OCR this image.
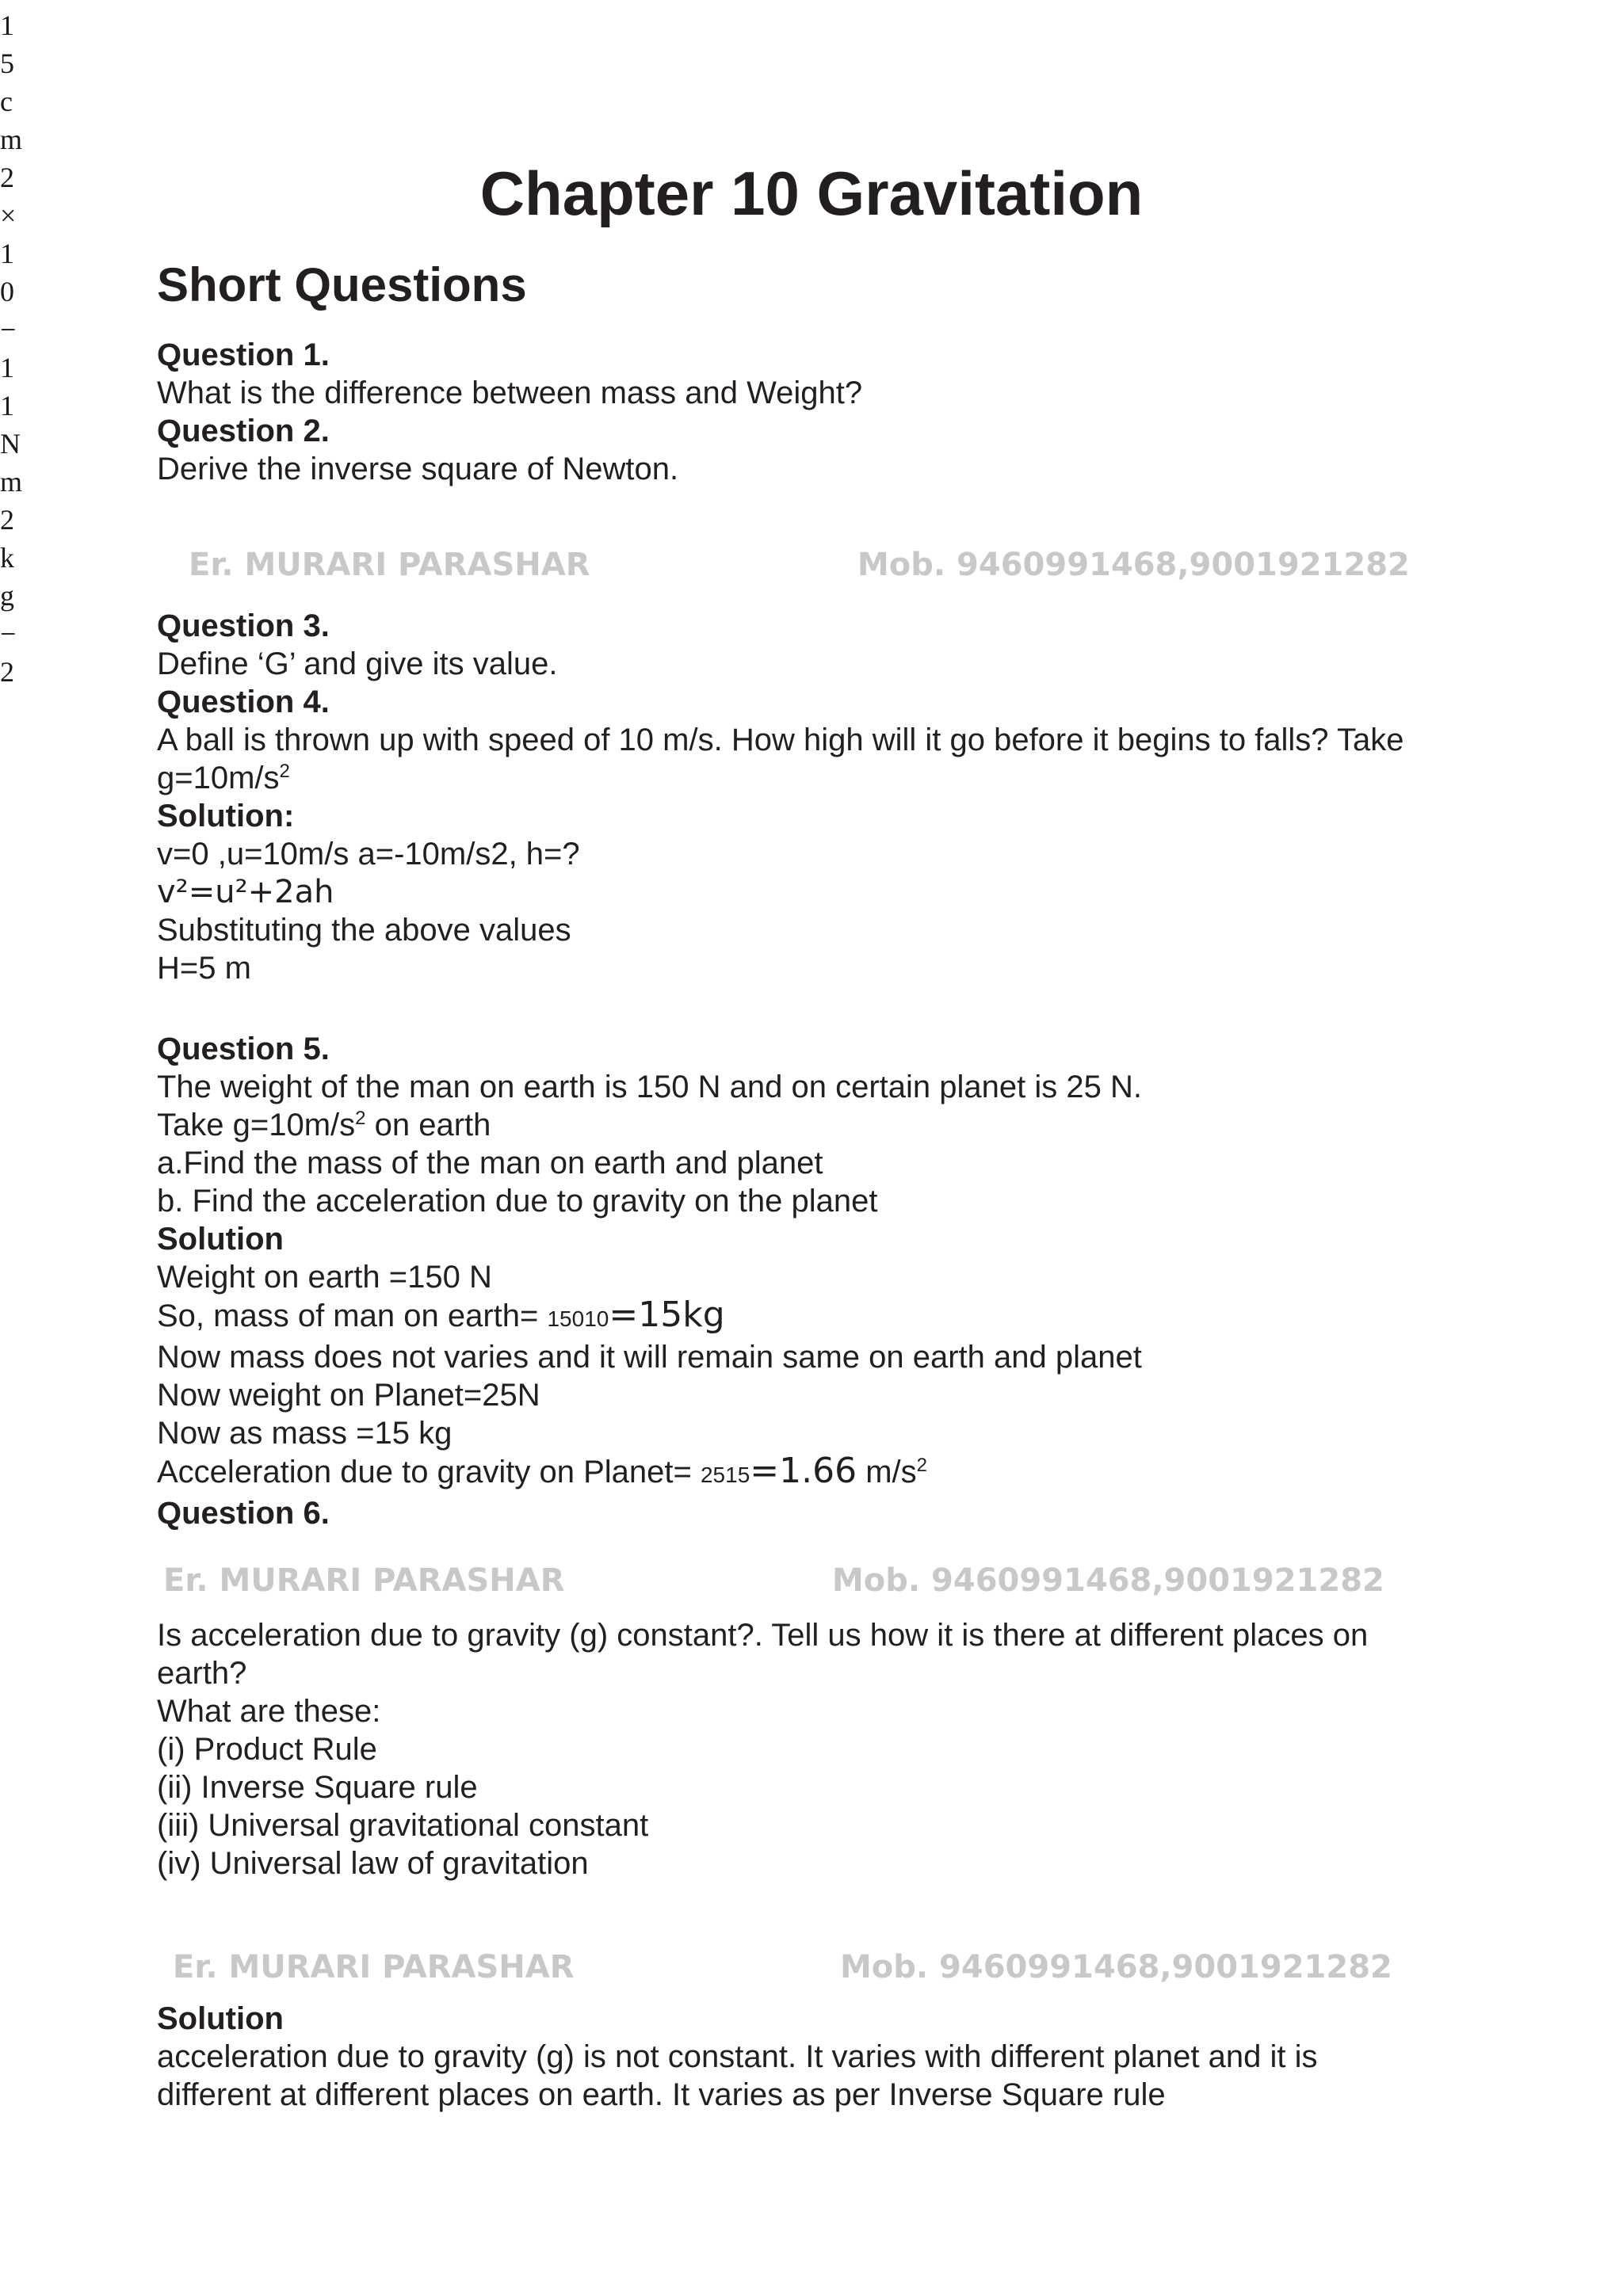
1
5
c
m
2
×
1
0
−
1
1
N
m
2
k
g
−
2
Chapter 10 Gravitation
Short Questions

Question 1.

What is the difference between mass and Weight?

Question 2.

Derive the inverse square of Newton.

Er. MURARI PARASHAR	Mob. 9460991468,9001921282

Question 3.

Define ‘G’ and give its value.

Question 4.

A ball is thrown up with speed of 10 m/s. How high will it go before it begins to falls? Take

$g=10m/s^2$

Solution:

v=0 ,u=10m/s a=-10m/s2, h=?

v²=u²+2ah

Substituting the above values

H=5 m

Question 5.

The weight of the man on earth is 150 N and on certain planet is 25 N.

Take $g=10m/s^2$ on earth

a.Find the mass of the man on earth and planet

b. Find the acceleration due to gravity on the planet

Solution

Weight on earth =150 N

So, mass of man on earth= 15010=15kg

Now mass does not varies and it will remain same on earth and planet

Now weight on Planet=25N

Now as mass =15 kg

Acceleration due to gravity on Planet= 2515=1.66 $m/s^2$

Question 6.

Er. MURARI PARASHAR	Mob. 9460991468,9001921282

Is acceleration due to gravity (g) constant?. Tell us how it is there at different places on

earth?

What are these:

(i) Product Rule

(ii) Inverse Square rule

(iii) Universal gravitational constant

(iv) Universal law of gravitation

Er. MURARI PARASHAR	Mob. 9460991468,9001921282

Solution

acceleration due to gravity (g) is not constant. It varies with different planet and it is

different at different places on earth. It varies as per Inverse Square rule
